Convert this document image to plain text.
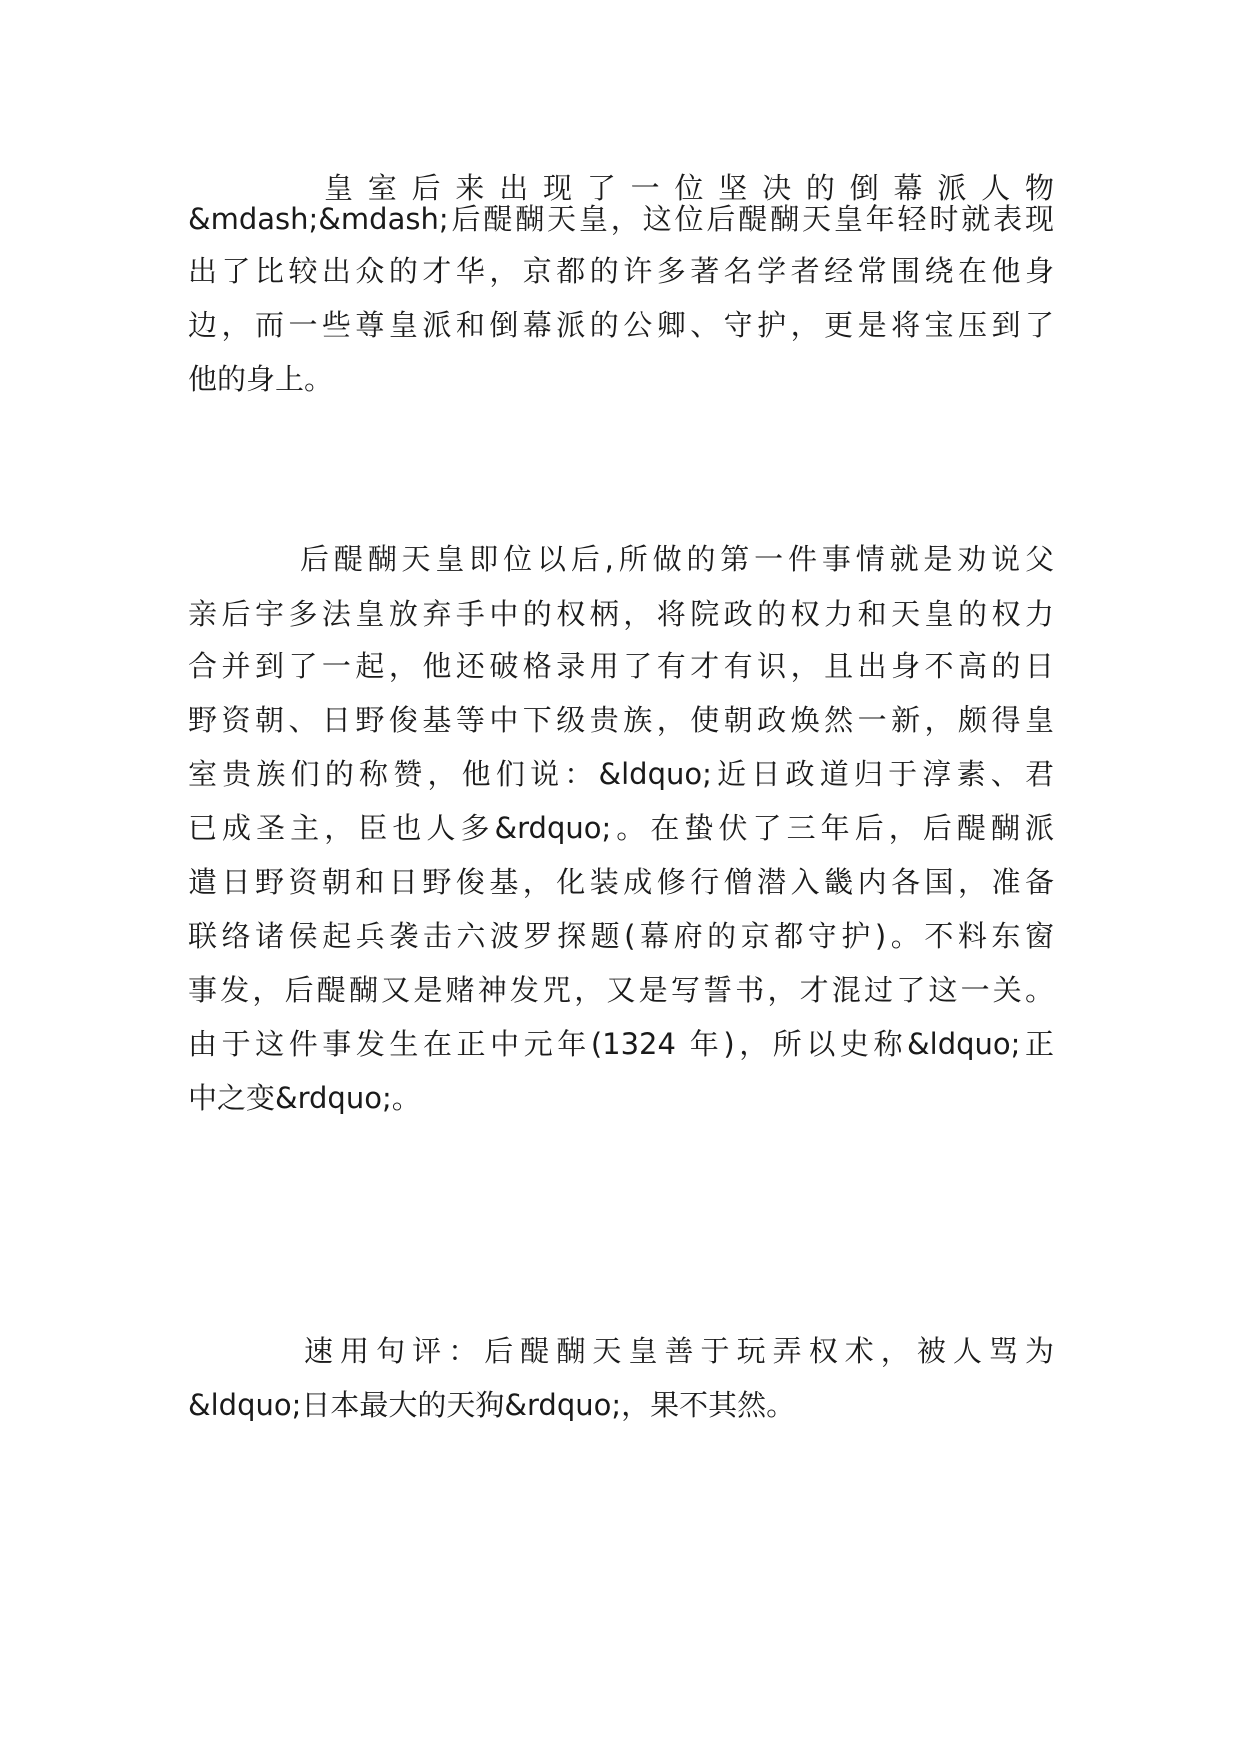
皇室后来出现了一位坚决的倒幕派人物
&mdash;&mdash;后醍醐天皇，这位后醍醐天皇年轻时就表现
出了比较出众的才华，京都的许多著名学者经常围绕在他身
边，而一些尊皇派和倒幕派的公卿、守护，更是将宝压到了
他的身上。
后醍醐天皇即位以后,所做的第一件事情就是劝说父
亲后宇多法皇放弃手中的权柄，将院政的权力和天皇的权力
合并到了一起，他还破格录用了有才有识，且出身不高的日
野资朝、日野俊基等中下级贵族，使朝政焕然一新，颇得皇
室贵族们的称赞，他们说：&ldquo;近日政道归于淳素、君
已成圣主，臣也人多&rdquo;。在蛰伏了三年后，后醍醐派
遣日野资朝和日野俊基，化装成修行僧潜入畿内各国，准备
联络诸侯起兵袭击六波罗探题(幕府的京都守护)。不料东窗
事发，后醍醐又是赌神发咒，又是写誓书，才混过了这一关。
由于这件事发生在正中元年(1324 年)，所以史称&ldquo;正
中之变&rdquo;。
速用句评：后醍醐天皇善于玩弄权术，被人骂为
&ldquo;日本最大的天狗&rdquo;，果不其然。
